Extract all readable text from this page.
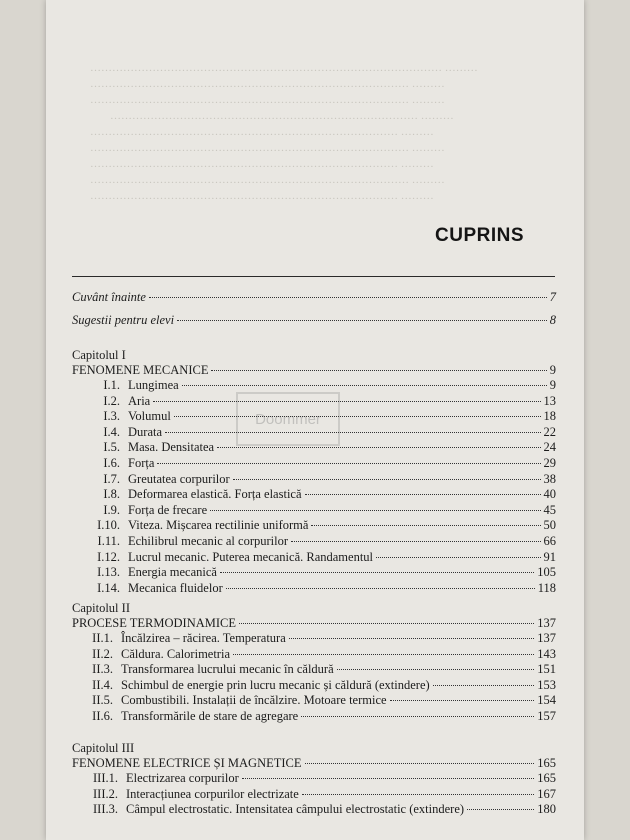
…………………………………………………………………………………… ………
…………………………………………………………………………… ………
…………………………………………………………………………… ………
………………………………………………………………………… ………
………………………………………………………………………… ………
…………………………………………………………………………… ………
………………………………………………………………………… ………
…………………………………………………………………………… ………
………………………………………………………………………… ………
CUPRINS
Doommer
Cuvânt înainte	7
Sugestii pentru elevi	8
Capitolul I
FENOMENE MECANICE	9
I.1. Lungimea	9
I.2. Aria	13
I.3. Volumul	18
I.4. Durata	22
I.5. Masa. Densitatea	24
I.6. Forța	29
I.7. Greutatea corpurilor	38
I.8. Deformarea elastică. Forța elastică	40
I.9. Forța de frecare	45
I.10. Viteza. Mișcarea rectilinie uniformă	50
I.11. Echilibrul mecanic al corpurilor	66
I.12. Lucrul mecanic. Puterea mecanică. Randamentul	91
I.13. Energia mecanică	105
I.14. Mecanica fluidelor	118
Capitolul II
PROCESE TERMODINAMICE	137
II.1. Încălzirea – răcirea. Temperatura	137
II.2. Căldura. Calorimetria	143
II.3. Transformarea lucrului mecanic în căldură	151
II.4. Schimbul de energie prin lucru mecanic și căldură (extindere)	153
II.5. Combustibili. Instalații de încălzire. Motoare termice	154
II.6. Transformările de stare de agregare	157
Capitolul III
FENOMENE ELECTRICE ȘI MAGNETICE	165
III.1. Electrizarea corpurilor	165
III.2. Interacțiunea corpurilor electrizate	167
III.3. Câmpul electrostatic. Intensitatea câmpului electrostatic (extindere)	180
